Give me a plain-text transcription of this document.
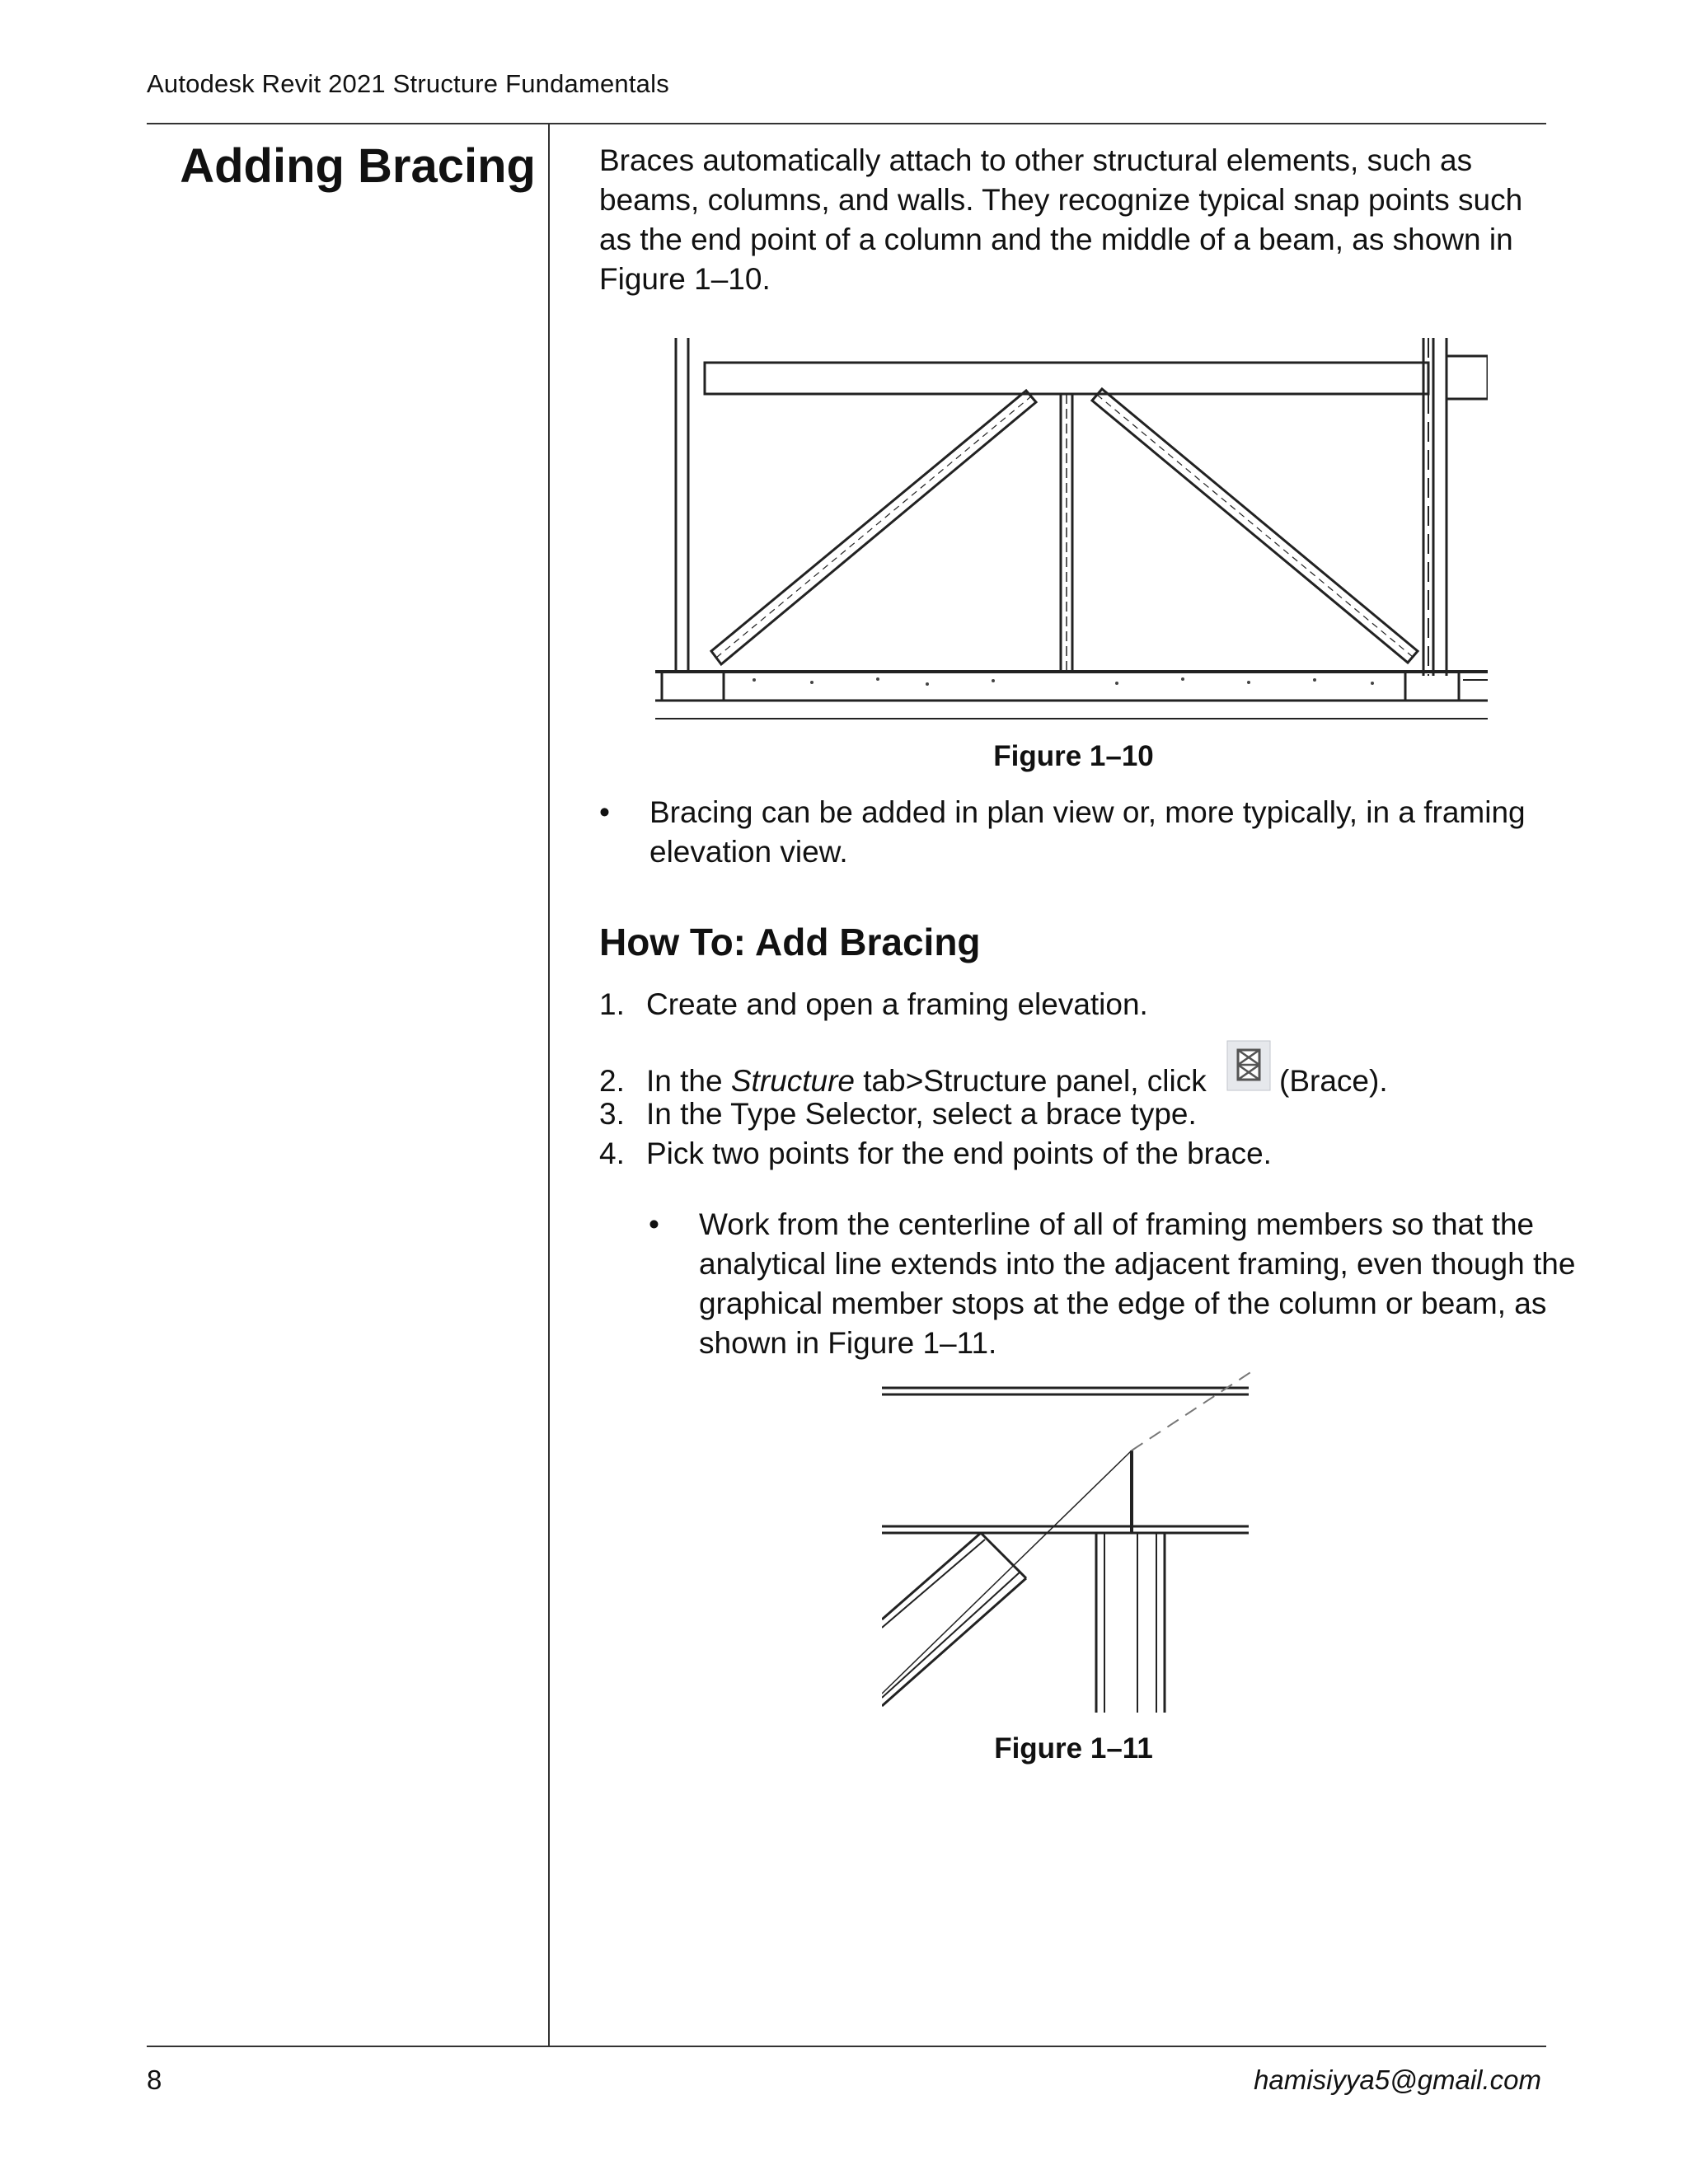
Autodesk Revit 2021 Structure Fundamentals
Adding Bracing Braces automatically attach to other structural elements, such as beams, columns, and walls. They recognize typical snap points such as the end point of a column and the middle of a beam, as shown in Figure 1–10.

Figure 1–10
• Bracing can be added in plan view or, more typically, in a framing elevation view.
How To: Add Bracing
1. Create and open a framing elevation.
2. In the Structure tab>Structure panel, click (Brace).
3. In the Type Selector, select a brace type.
4. Pick two points for the end points of the brace.
• Work from the centerline of all of framing members so that the analytical line extends into the adjacent framing, even though the graphical member stops at the edge of the column or beam, as shown in Figure 1–11.
Figure 1–11
8	hamisiyya5@gmail.com
